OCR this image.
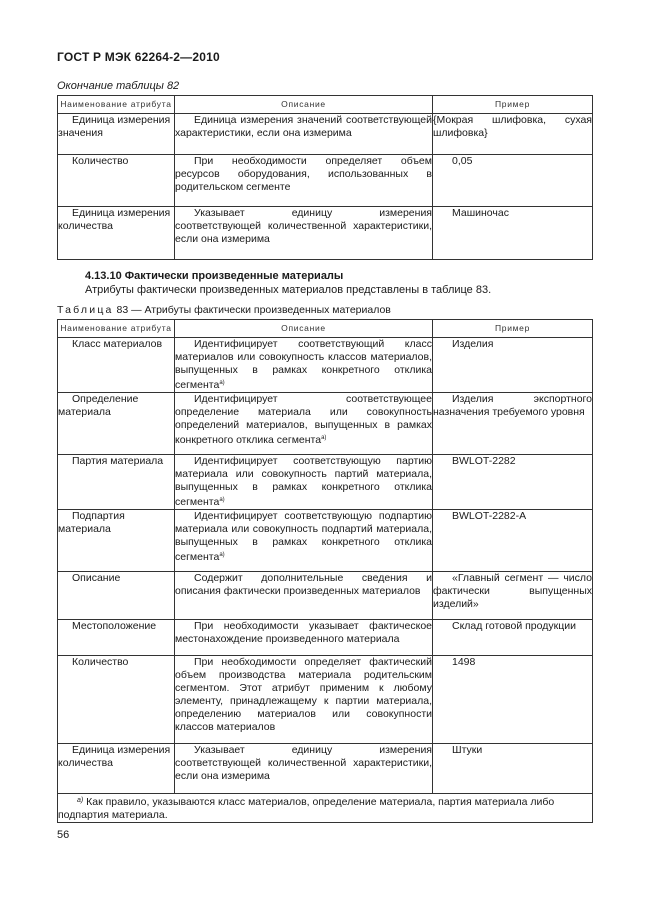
ГОСТ Р МЭК 62264-2—2010
Окончание таблицы 82
Наименование атрибута	Описание	Пример
Единица измерения значения	Единица измерения значений соответствующей характеристики, если она измерима	{Мокрая шлифовка, сухая шлифовка}
Количество	При необходимости определяет объем ресурсов оборудования, использованных в родительском сегменте	0,05
Единица измерения количества	Указывает единицу измерения соответствующей количественной характеристики, если она измерима	Машиночас
4.13.10 Фактически произведенные материалы
Атрибуты фактически произведенных материалов представлены в таблице 83.
Таблица 83 — Атрибуты фактически произведенных материалов
Наименование атрибута	Описание	Пример
Класс материалов	Идентифицирует соответствующий класс материалов или совокупность классов материалов, выпущенных в рамках конкретного отклика сегмента$^{а)}$	Изделия
Определение материала	Идентифицирует соответствующее определение материала или совокупность определений материалов, выпущенных в рамках конкретного отклика сегмента$^{а)}$	Изделия экспортного назначения требуемого уровня
Партия материала	Идентифицирует соответствующую партию материала или совокупность партий материала, выпущенных в рамках конкретного отклика сегмента$^{а)}$	BWLOT-2282
Подпартия материала	Идентифицирует соответствующую подпартию материала или совокупность подпартий материала, выпущенных в рамках конкретного отклика сегмента$^{а)}$	BWLOT-2282-A
Описание	Содержит дополнительные сведения и описания фактически произведенных материалов	«Главный сегмент — число фактически выпущенных изделий»
Местоположение	При необходимости указывает фактическое местонахождение произведенного материала	Склад готовой продукции
Количество	При необходимости определяет фактический объем производства материала родительским сегментом. Этот атрибут применим к любому элементу, принадлежащему к партии материала, определению материалов или совокупности классов материалов	1498
Единица измерения количества	Указывает единицу измерения соответствующей количественной характеристики, если она измерима	Штуки
$^{а)}$ Как правило, указываются класс материалов, определение материала, партия материала либо подпартия материала.		
56
